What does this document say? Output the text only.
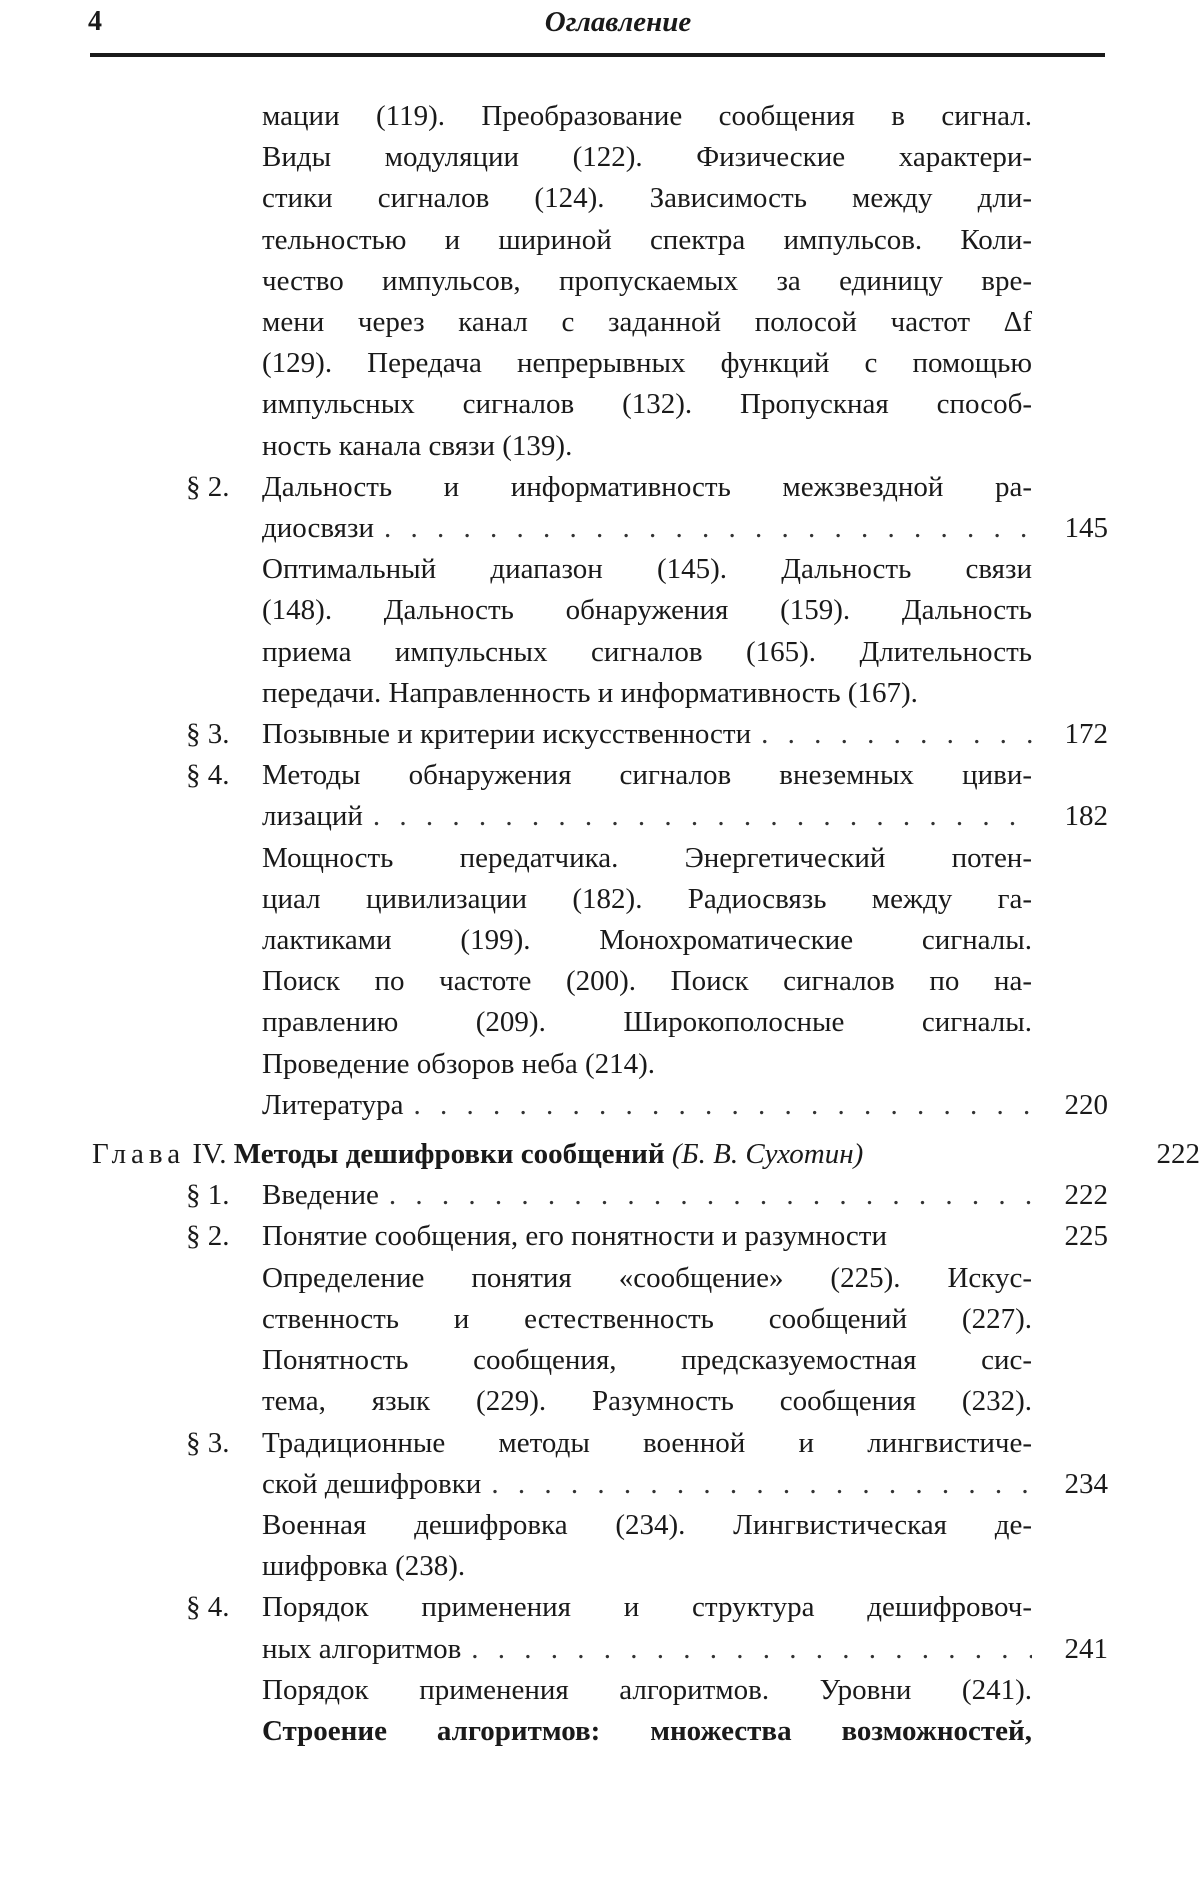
4	Оглавление
мации (119). Преобразование сообщения в сигнал.
Виды модуляции (122). Физические характери-
стики сигналов (124). Зависимость между дли-
тельностью и шириной спектра импульсов. Коли-
чество импульсов, пропускаемых за единицу вре-
мени через канал с заданной полосой частот Δf
(129). Передача непрерывных функций с помощью
импульсных сигналов (132). Пропускная способ-
ность канала связи (139).
§ 2. Дальность и информативность межзвездной ра-
диосвязи . . .	145
Оптимальный диапазон (145). Дальность связи
(148). Дальность обнаружения (159). Дальность
приема импульсных сигналов (165). Длительность
передачи. Направленность и информативность (167).
§ 3. Позывные и критерии искусственности . . .	172
§ 4. Методы обнаружения сигналов внеземных циви-
лизаций . . .	182
Мощность передатчика. Энергетический потен-
циал цивилизации (182). Радиосвязь между га-
лактиками (199). Монохроматические сигналы.
Поиск по частоте (200). Поиск сигналов по на-
правлению (209). Широкополосные сигналы.
Проведение обзоров неба (214).
Литература . . .	220
Глава IV. Методы дешифровки сообщений (Б. В. Сухотин)	222
§ 1. Введение . . .	222
§ 2. Понятие сообщения, его понятности и разумности	225
Определение понятия «сообщение» (225). Искус-
ственность и естественность сообщений (227).
Понятность сообщения, предсказуемостная сис-
тема, язык (229). Разумность сообщения (232).
§ 3. Традиционные методы военной и лингвистиче-
ской дешифровки . . .	234
Военная дешифровка (234). Лингвистическая де-
шифровка (238).
§ 4. Порядок применения и структура дешифровоч-
ных алгоритмов . . .	241
Порядок применения алгоритмов. Уровни (241).
Строение алгоритмов: множества возможностей,
